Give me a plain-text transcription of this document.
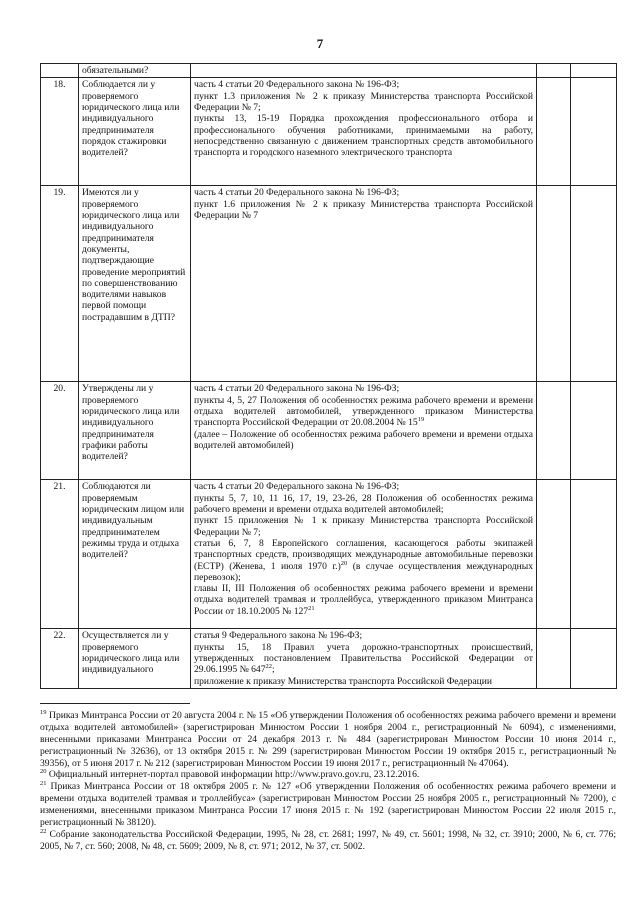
7
	обязательными?			
18.	Соблюдается ли у проверяемого юридического лица или индивидуального предпринимателя порядок стажировки водителей?	часть 4 статьи 20 Федерального закона № 196-ФЗ;
пункт 1.3 приложения № 2 к приказу Министерства транспорта Российской Федерации № 7;
пункты 13, 15-19 Порядка прохождения профессионального отбора и профессионального обучения работниками, принимаемыми на работу, непосредственно связанную с движением транспортных средств автомобильного транспорта и городского наземного электрического транспорта		

19.	Имеются ли у проверяемого юридического лица или индивидуального предпринимателя документы, подтверждающие проведение мероприятий по совершенствованию водителями навыков первой помощи пострадавшим в ДТП?	часть 4 статьи 20 Федерального закона № 196-ФЗ;
пункт 1.6 приложения № 2 к приказу Министерства транспорта Российской Федерации № 7		

20.	Утверждены ли у проверяемого юридического лица или индивидуального предпринимателя графики работы водителей?	часть 4 статьи 20 Федерального закона № 196-ФЗ;
пункты 4, 5, 27 Положения об особенностях режима рабочего времени и времени отдыха водителей автомобилей, утвержденного приказом Министерства транспорта Российской Федерации от 20.08.2004 № $15^{19}$
(далее – Положение об особенностях режима рабочего времени и времени отдыха водителей автомобилей)		

21.	Соблюдаются ли проверяемым юридическим лицом или индивидуальным предпринимателем режимы труда и отдыха водителей?	часть 4 статьи 20 Федерального закона № 196-ФЗ;
пункты 5, 7, 10, 11 16, 17, 19, 23-26, 28 Положения об особенностях режима рабочего времени и времени отдыха водителей автомобилей;
пункт 15 приложения № 1 к приказу Министерства транспорта Российской Федерации № 7;
статьи 6, 7, 8 Европейского соглашения, касающегося работы экипажей транспортных средств, производящих международные автомобильные перевозки (ЕСТР) (Женева, 1 июля 1970 г.)$^{20}$ (в случае осуществления международных перевозок);
главы II, III Положения об особенностях режима рабочего времени и времени отдыха водителей трамвая и троллейбуса, утвержденного приказом Минтранса России от 18.10.2005 № $127^{21}$

22.	Осуществляется ли у проверяемого юридического лица или индивидуального	статья 9 Федерального закона № 196-ФЗ;
пункты 15, 18 Правил учета дорожно-транспортных происшествий, утвержденных постановлением Правительства Российской Федерации от 29.06.1995 № $647^{22}$;
приложение к приказу Министерства транспорта Российской Федерации		

$^{19}$ Приказ Минтранса России от 20 августа 2004 г. № 15 «Об утверждении Положения об особенностях режима рабочего времени и времени отдыха водителей автомобилей» (зарегистрирован Минюстом России 1 ноября 2004 г., регистрационный № 6094), с изменениями, внесенными приказами Минтранса России от 24 декабря 2013 г. № 484 (зарегистрирован Минюстом России 10 июня 2014 г., регистрационный № 32636), от 13 октября 2015 г. № 299 (зарегистрирован Минюстом России 19 октября 2015 г., регистрационный № 39356), от 5 июня 2017 г. № 212 (зарегистрирован Минюстом России 19 июня 2017 г., регистрационный № 47064).

$^{20}$ Официальный интернет-портал правовой информации http://www.pravo.gov.ru, 23.12.2016.

$^{21}$ Приказ Минтранса России от 18 октября 2005 г. № 127 «Об утверждении Положения об особенностях режима рабочего времени и времени отдыха водителей трамвая и троллейбуса» (зарегистрирован Минюстом России 25 ноября 2005 г., регистрационный № 7200), с изменениями, внесенными приказом Минтранса России 17 июня 2015 г. № 192 (зарегистрирован Минюстом России 22 июля 2015 г., регистрационный № 38120).

$^{22}$ Собрание законодательства Российской Федерации, 1995, № 28, ст. 2681; 1997, № 49, ст. 5601; 1998, № 32, ст. 3910; 2000, № 6, ст. 776; 2005, № 7, ст. 560; 2008, № 48, ст. 5609; 2009, № 8, ст. 971; 2012, № 37, ст. 5002.
